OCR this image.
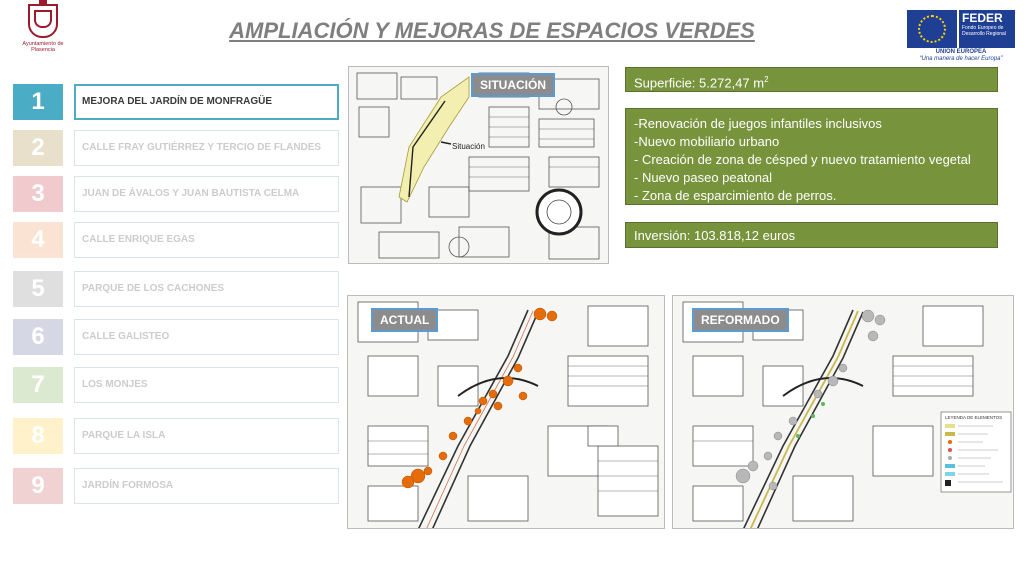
Ayuntamiento de Plasencia
AMPLIACIÓN Y MEJORAS DE ESPACIOS VERDES	FEDER
Fondo Europeo de Desarrollo Regional
UNIÓN EUROPEA
“Una manera de hacer Europa”
1	MEJORA DEL JARDÍN DE MONFRAGÜE
2	CALLE FRAY GUTIÉRREZ Y TERCIO DE FLANDES
3	JUAN DE ÁVALOS Y JUAN BAUTISTA CELMA
4	CALLE ENRIQUE EGAS
5	PARQUE DE LOS CACHONES
6	CALLE GALISTEO
7	LOS MONJES
8	PARQUE LA ISLA
9	JARDÍN FORMOSA
Situación
SITUACIÓN
ACTUAL
LEYENDA DE ELEMENTOS
REFORMADO

Superficie: 5.272,47 $m^2$

-Renovación de juegos infantiles inclusivos

-Nuevo mobiliario urbano

- Creación de zona de césped y nuevo tratamiento vegetal

- Nuevo paseo peatonal

- Zona de esparcimiento de perros.

Inversión: 103.818,12 euros
